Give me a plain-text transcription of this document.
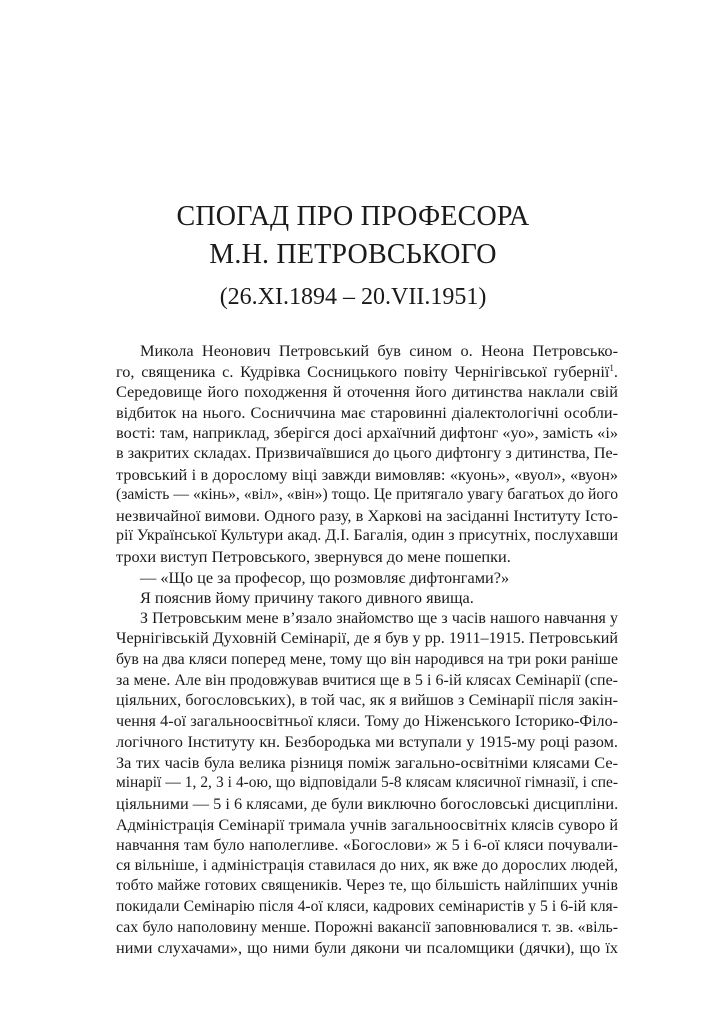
СПОГАД ПРО ПРОФЕСОРА
М.Н. ПЕТРОВСЬКОГО
(26.XI.1894 – 20.VII.1951)
Микола Неонович Петровський був сином о. Неона Петровсько-
го, священика с. Кудрівка Сосницького повіту Чернігівської губернії$^1$.
Середовище його походження й оточення його дитинства наклали свій
відбиток на нього. Сосниччина має старовинні діалектологічні особли-
вості: там, наприклад, зберігся досі архаїчний дифтонг «уо», замість «і»
в закритих складах. Призвичаївшися до цього дифтонгу з дитинства, Пе-
тровський і в дорослому віці завжди вимовляв: «куонь», «вуол», «вуон»
(замість — «кінь», «віл», «він») тощо. Це притягало увагу багатьох до його
незвичайної вимови. Одного разу, в Харкові на засіданні Інституту Істо-
рії Української Культури акад. Д.І. Багалія, один з присутніх, послухавши
трохи виступ Петровського, звернувся до мене пошепки.
— «Що це за професор, що розмовляє дифтонгами?»
Я пояснив йому причину такого дивного явища.
З Петровським мене в’язало знайомство ще з часів нашого навчання у
Чернігівській Духовній Семінарії, де я був у рр. 1911–1915. Петровський
був на два кляси поперед мене, тому що він народився на три роки раніше
за мене. Але він продовжував вчитися ще в 5 і 6-ій клясах Семінарії (спе-
ціяльних, богословських), в той час, як я вийшов з Семінарії після закін-
чення 4-ої загальноосвітньої кляси. Тому до Ніженського Історико-Філо-
логічного Інституту кн. Безбородька ми вступали у 1915-му році разом.
За тих часів була велика різниця поміж загально-освітніми клясами Се-
мінарії — 1, 2, 3 і 4-ою, що відповідали 5-8 клясам клясичної гімназії, і спе-
ціяльними — 5 і 6 клясами, де були виключно богословські дисципліни.
Адміністрація Семінарії тримала учнів загальноосвітніх клясів суворо й
навчання там було наполегливе. «Богослови» ж 5 і 6-ої кляси почували-
ся вільніше, і адміністрація ставилася до них, як вже до дорослих людей,
тобто майже готових священиків. Через те, що більшість найліпших учнів
покидали Семінарію після 4-ої кляси, кадрових семінаристів у 5 і 6-ій кля-
сах було наполовину менше. Порожні вакансії заповнювалися т. зв. «віль-
ними слухачами», що ними були дякони чи псаломщики (дячки), що їх
